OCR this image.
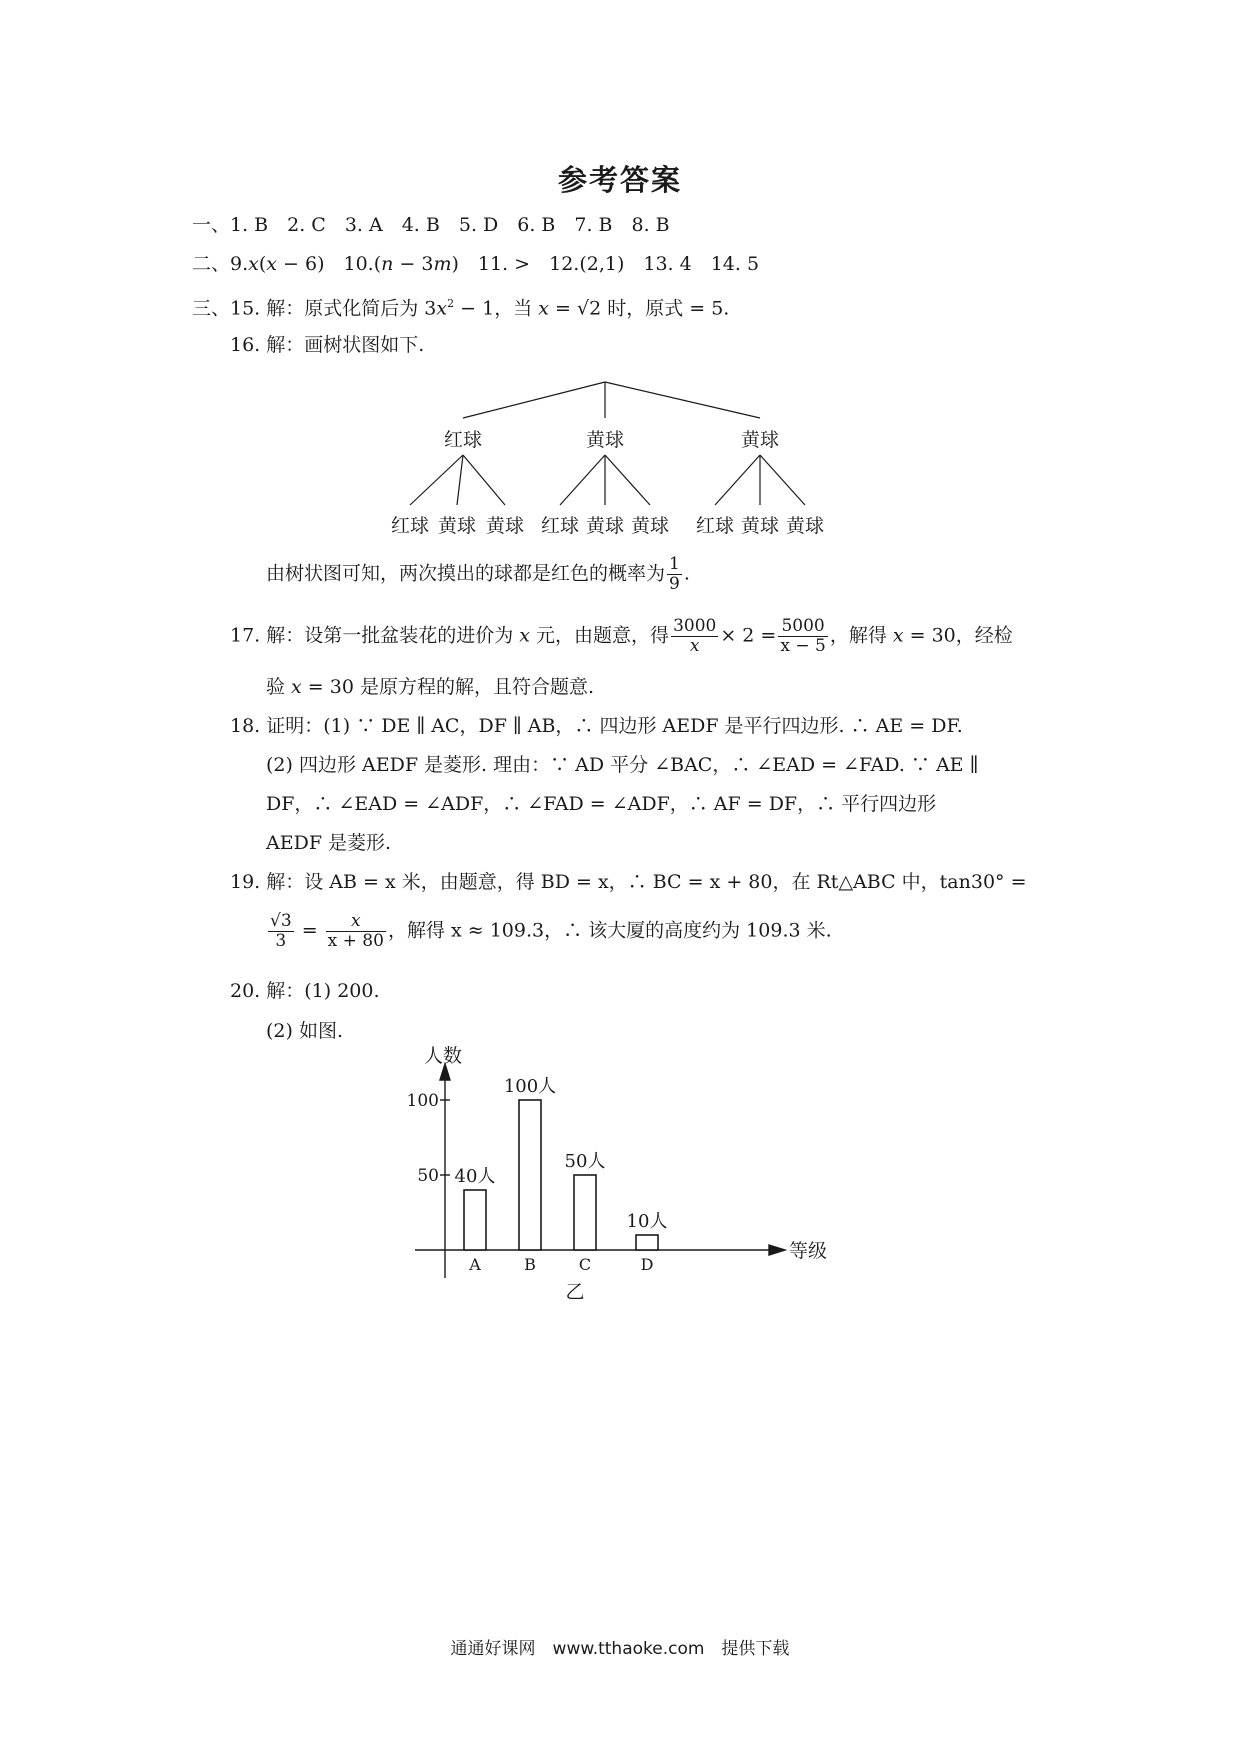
参考答案
一、1. B　2. C　3. A　4. B　5. D　6. B　7. B　8. B
二、9.x(x − 6)　10.(n − 3m)　11. >　12.(2,1)　13. 4　14. 5
三、15. 解：原式化简后为 $3x^2 - 1$，当 x = √2 时，原式 = 5.
16. 解：画树状图如下.
红球	黄球	黄球
红球 黄球 黄球 红球 黄球 黄球 红球 黄球 黄球
由树状图可知，两次摸出的球都是红色的概率为 $\frac{1}{9}$ .
17. 解：设第一批盆装花的进价为 x 元，由题意，得 $\frac{3000}{x} \times 2 = \frac{5000}{x - 5}$ ，解得 x = 30，经检
验 x = 30 是原方程的解，且符合题意.
18. 证明：(1) ∵ DE ∥ AC，DF ∥ AB，∴ 四边形 AEDF 是平行四边形. ∴ AE = DF.
(2) 四边形 AEDF 是菱形. 理由：∵ AD 平分 ∠BAC，∴ ∠EAD = ∠FAD. ∵ AE ∥
DF，∴ ∠EAD = ∠ADF，∴ ∠FAD = ∠ADF，∴ AF = DF，∴ 平行四边形
AEDF 是菱形.
19. 解：设 AB = x 米，由题意，得 BD = x，∴ BC = x + 80，在 Rt△ABC 中，tan30° =
$\frac{√3}{3} = \frac{x}{x + 80}$ ，解得 x ≈ 109.3，∴ 该大厦的高度约为 109.3 米.
20. 解：(1) 200.
(2) 如图.
人数
等级
乙
50
100
40人
A
100人
B
50人
C
10人
D
通通好课网　www.tthaoke.com　提供下载
